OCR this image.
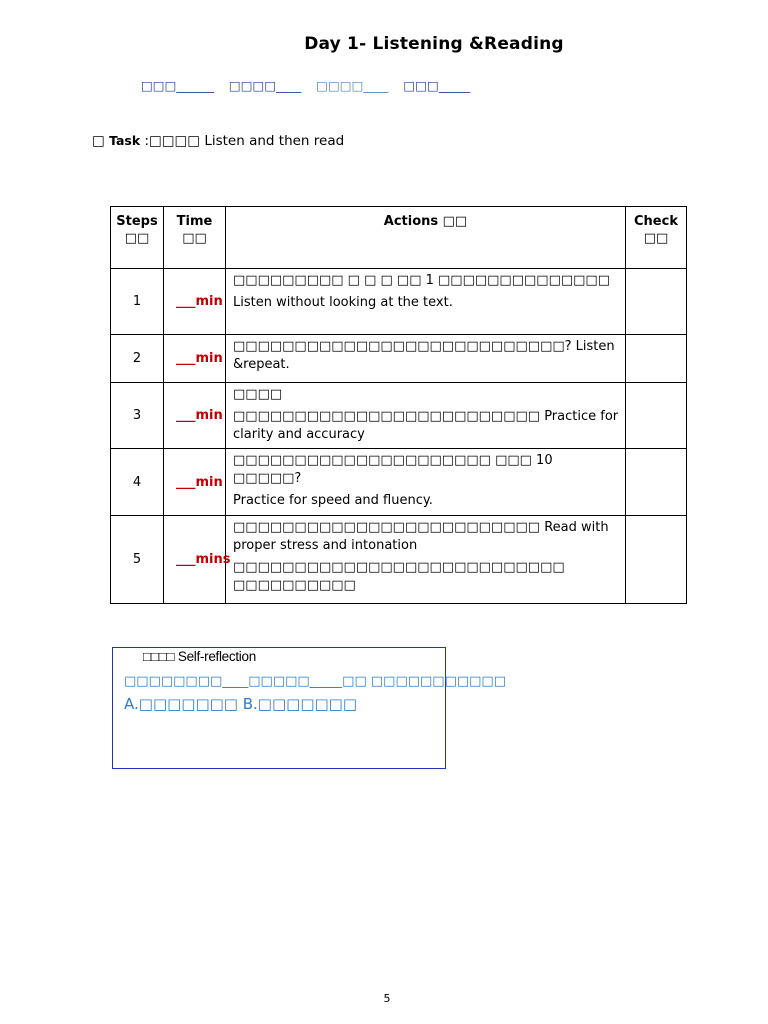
Day 1- Listening &Reading
□□□______ □□□□____ □□□□____ □□□_____
□ Task :□□□□ Listen and then read
Steps □□	Time □□	Actions □□	Check □□
1	___min	□□□□□□□□□ □ □ □ □□ 1 □□□□□□□□□□□□□□

Listen without looking at the text.	

2	___min	□□□□□□□□□□□□□□□□□□□□□□□□□□□? Listen &repeat.	

3	___min	□□□□

□□□□□□□□□□□□□□□□□□□□□□□□□ Practice for clarity and accuracy	

4	___min	□□□□□□□□□□□□□□□□□□□□□ □□□ 10 □□□□□?

Practice for speed and fluency.	

5	___mins	□□□□□□□□□□□□□□□□□□□□□□□□□ Read with proper stress and intonation

□□□□□□□□□□□□□□□□□□□□□□□□□□□ □□□□□□□□□□	

□□□□ Self-reflection
□□□□□□□□____□□□□□_____□□ □□□□□□□□□□□
A.□□□□□□□ B.□□□□□□□
5
